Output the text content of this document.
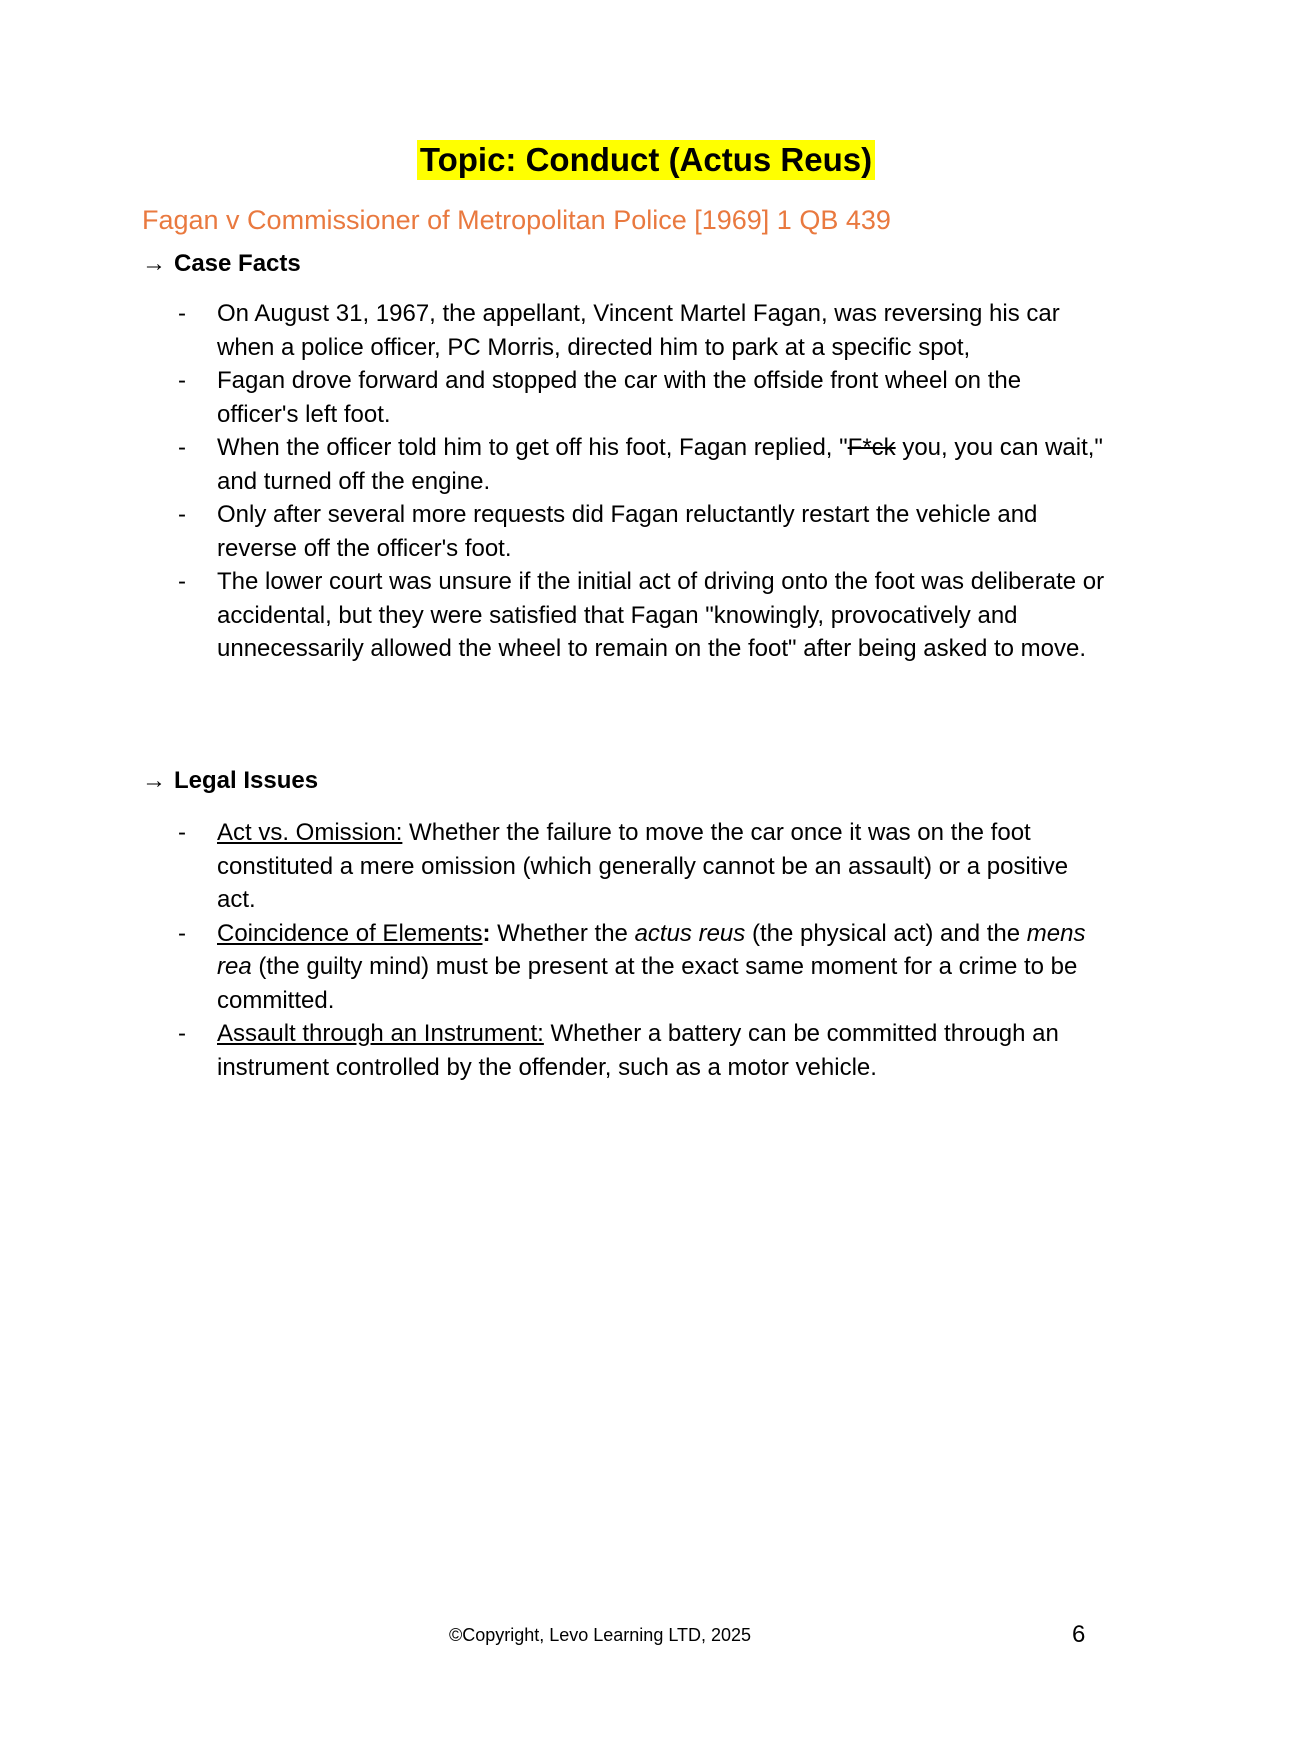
Topic: Conduct (Actus Reus)
Fagan v Commissioner of Metropolitan Police [1969] 1 QB 439
→ Case Facts
- On August 31, 1967, the appellant, Vincent Martel Fagan, was reversing his car when a police officer, PC Morris, directed him to park at a specific spot,
- Fagan drove forward and stopped the car with the offside front wheel on the officer's left foot.
- When the officer told him to get off his foot, Fagan replied, "F*ck you, you can wait," and turned off the engine.
- Only after several more requests did Fagan reluctantly restart the vehicle and reverse off the officer's foot.
- The lower court was unsure if the initial act of driving onto the foot was deliberate or accidental, but they were satisfied that Fagan "knowingly, provocatively and unnecessarily allowed the wheel to remain on the foot" after being asked to move.
→ Legal Issues
- Act vs. Omission: Whether the failure to move the car once it was on the foot constituted a mere omission (which generally cannot be an assault) or a positive act.
- Coincidence of Elements: Whether the actus reus (the physical act) and the mens rea (the guilty mind) must be present at the exact same moment for a crime to be committed.
- Assault through an Instrument: Whether a battery can be committed through an instrument controlled by the offender, such as a motor vehicle.
©Copyright, Levo Learning LTD, 2025	6
